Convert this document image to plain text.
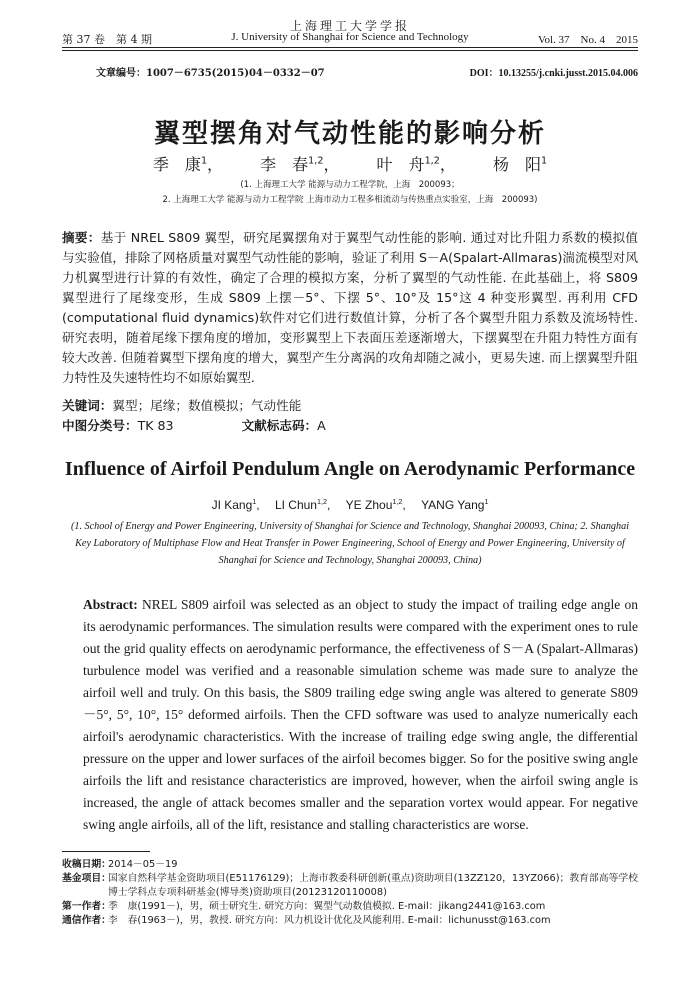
上海理工大学学报
第 37 卷　第 4 期	J. University of Shanghai for Science and Technology	Vol. 37　No. 4　2015
文章编号：1007－6735(2015)04－0332－07	DOI：10.13255/j.cnki.jusst.2015.04.006
翼型摆角对气动性能的影响分析
季　康$^1$， 李　春$^{1,2}$， 叶　舟$^{1,2}$， 杨　阳$^1$
(1. 上海理工大学 能源与动力工程学院，上海　200093；
2. 上海理工大学 能源与动力工程学院 上海市动力工程多相流动与传热重点实验室，上海　200093)
摘要：基于 NREL S809 翼型，研究尾翼摆角对于翼型气动性能的影响. 通过对比升阻力系数的模拟值与实验值，排除了网格质量对翼型气动性能的影响，验证了利用 S－A(Spalart-Allmaras)湍流模型对风力机翼型进行计算的有效性，确定了合理的模拟方案，分析了翼型的气动性能. 在此基础上，将 S809 翼型进行了尾缘变形，生成 S809 上摆－5°、下摆 5°、10°及 15°这 4 种变形翼型. 再利用 CFD (computational fluid dynamics)软件对它们进行数值计算，分析了各个翼型升阻力系数及流场特性. 研究表明，随着尾缘下摆角度的增加，变形翼型上下表面压差逐渐增大，下摆翼型在升阻力特性方面有较大改善. 但随着翼型下摆角度的增大，翼型产生分离涡的攻角却随之减小，更易失速. 而上摆翼型升阻力特性及失速特性均不如原始翼型.
关键词：翼型；尾缘；数值模拟；气动性能
中图分类号：TK 83	文献标志码：A
Influence of Airfoil Pendulum Angle on Aerodynamic Performance
JI Kang$^1$, LI Chun$^{1,2}$, YE Zhou$^{1,2}$, YANG Yang$^1$
(1. School of Energy and Power Engineering, University of Shanghai for Science and Technology, Shanghai 200093, China; 2. Shanghai Key Laboratory of Multiphase Flow and Heat Transfer in Power Engineering, School of Energy and Power Engineering, University of Shanghai for Science and Technology, Shanghai 200093, China)
Abstract: NREL S809 airfoil was selected as an object to study the impact of trailing edge angle on its aerodynamic performances. The simulation results were compared with the experiment ones to rule out the grid quality effects on aerodynamic performance, the effectiveness of S－A (Spalart-Allmaras) turbulence model was verified and a reasonable simulation scheme was made sure to analyze the airfoil well and truly. On this basis, the S809 trailing edge swing angle was altered to generate S809 －5°, 5°, 10°, 15° deformed airfoils. Then the CFD software was used to analyze numerically each airfoil's aerodynamic characteristics. With the increase of trailing edge swing angle, the differential pressure on the upper and lower surfaces of the airfoil becomes bigger. So for the positive swing angle airfoils the lift and resistance characteristics are improved, however, when the airfoil swing angle is increased, the angle of attack becomes smaller and the separation vortex would appear. For negative swing angle airfoils, all of the lift, resistance and stalling characteristics are worse.
收稿日期：
2014－05－19
基金项目：
国家自然科学基金资助项目(E51176129)；上海市教委科研创新(重点)资助项目(13ZZ120，13YZ066)；教育部高等学校博士学科点专项科研基金(博导类)资助项目(20123120110008)
第一作者：
季　康(1991－)，男，硕士研究生. 研究方向：翼型气动数值模拟. E-mail：jikang2441@163.com
通信作者：
李　春(1963－)，男，教授. 研究方向：风力机设计优化及风能利用. E-mail：lichunusst@163.com
